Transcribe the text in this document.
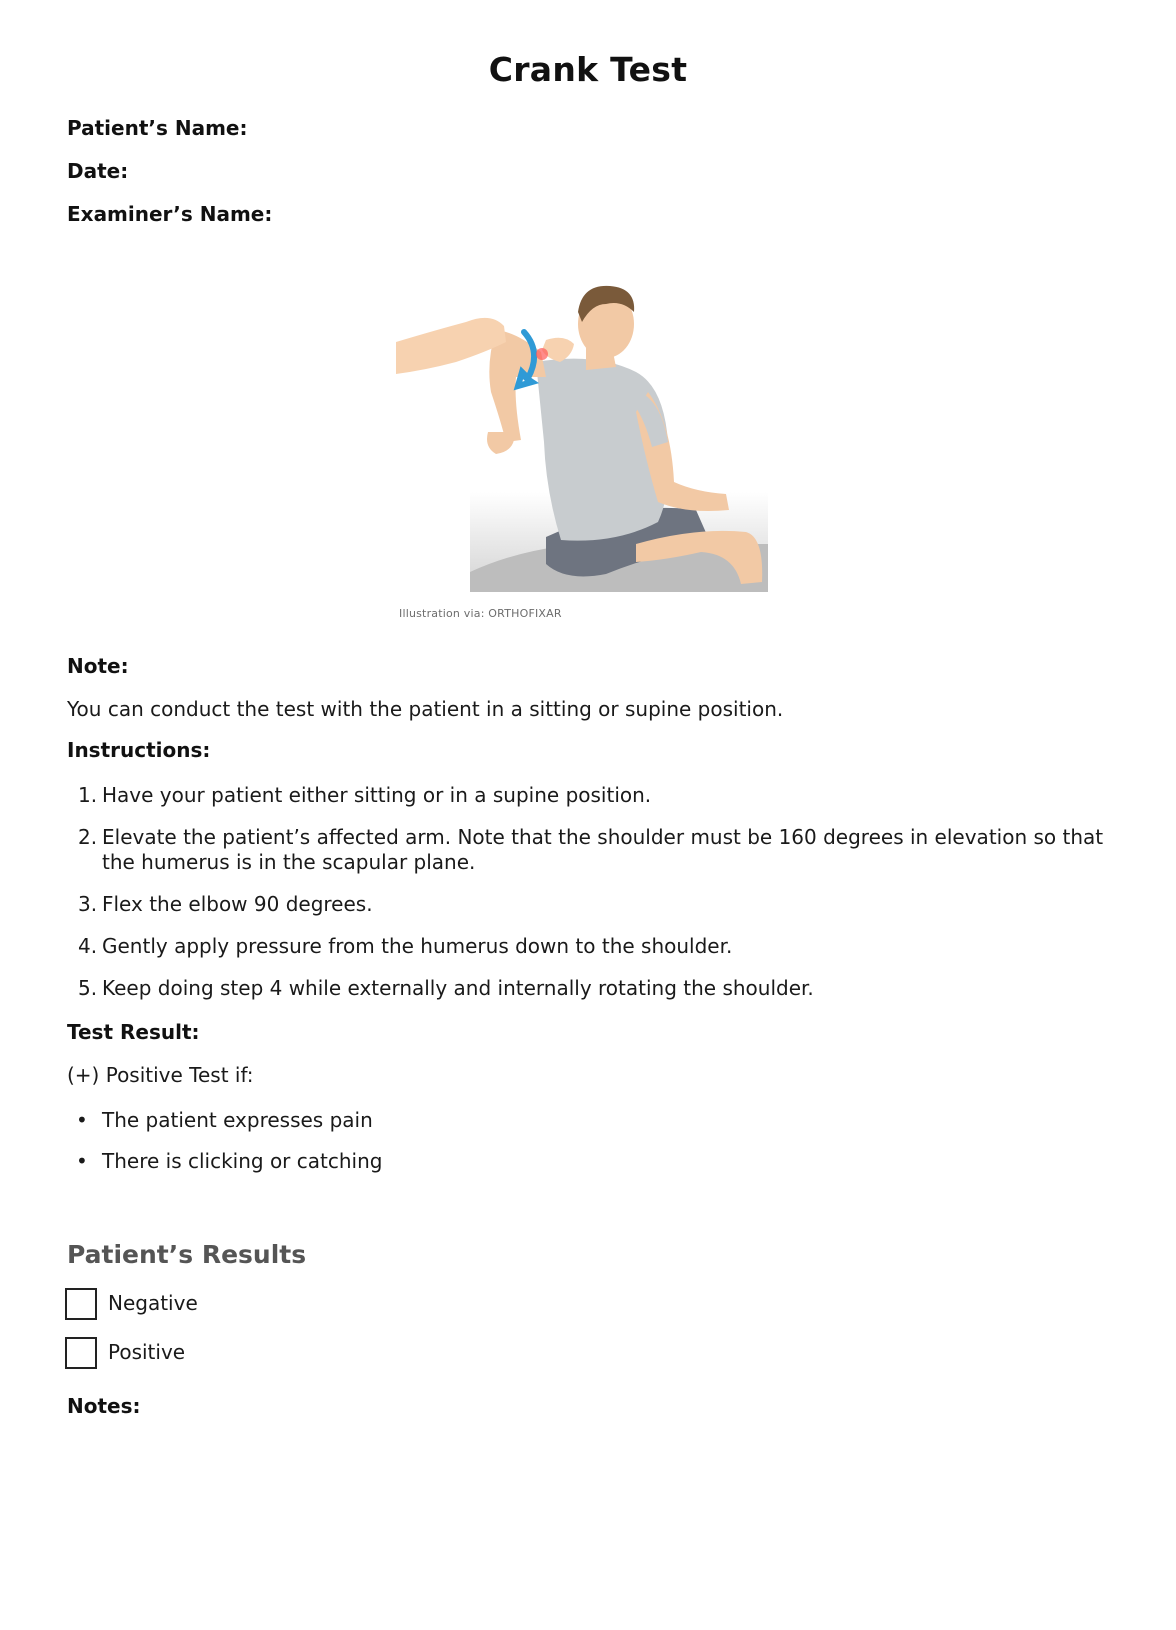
Crank Test
Patient’s Name:
Date:
Examiner’s Name:
Illustration via: ORTHOFIXAR
Note:
You can conduct the test with the patient in a sitting or supine position.
Instructions:
1. Have your patient either sitting or in a supine position.
2. Elevate the patient’s affected arm. Note that the shoulder must be 160 degrees in elevation so that the humerus is in the scapular plane.
3. Flex the elbow 90 degrees.
4. Gently apply pressure from the humerus down to the shoulder.
5. Keep doing step 4 while externally and internally rotating the shoulder.
Test Result:
(+) Positive Test if:
• The patient expresses pain
• There is clicking or catching
Patient’s Results
Negative
Positive
Notes:
